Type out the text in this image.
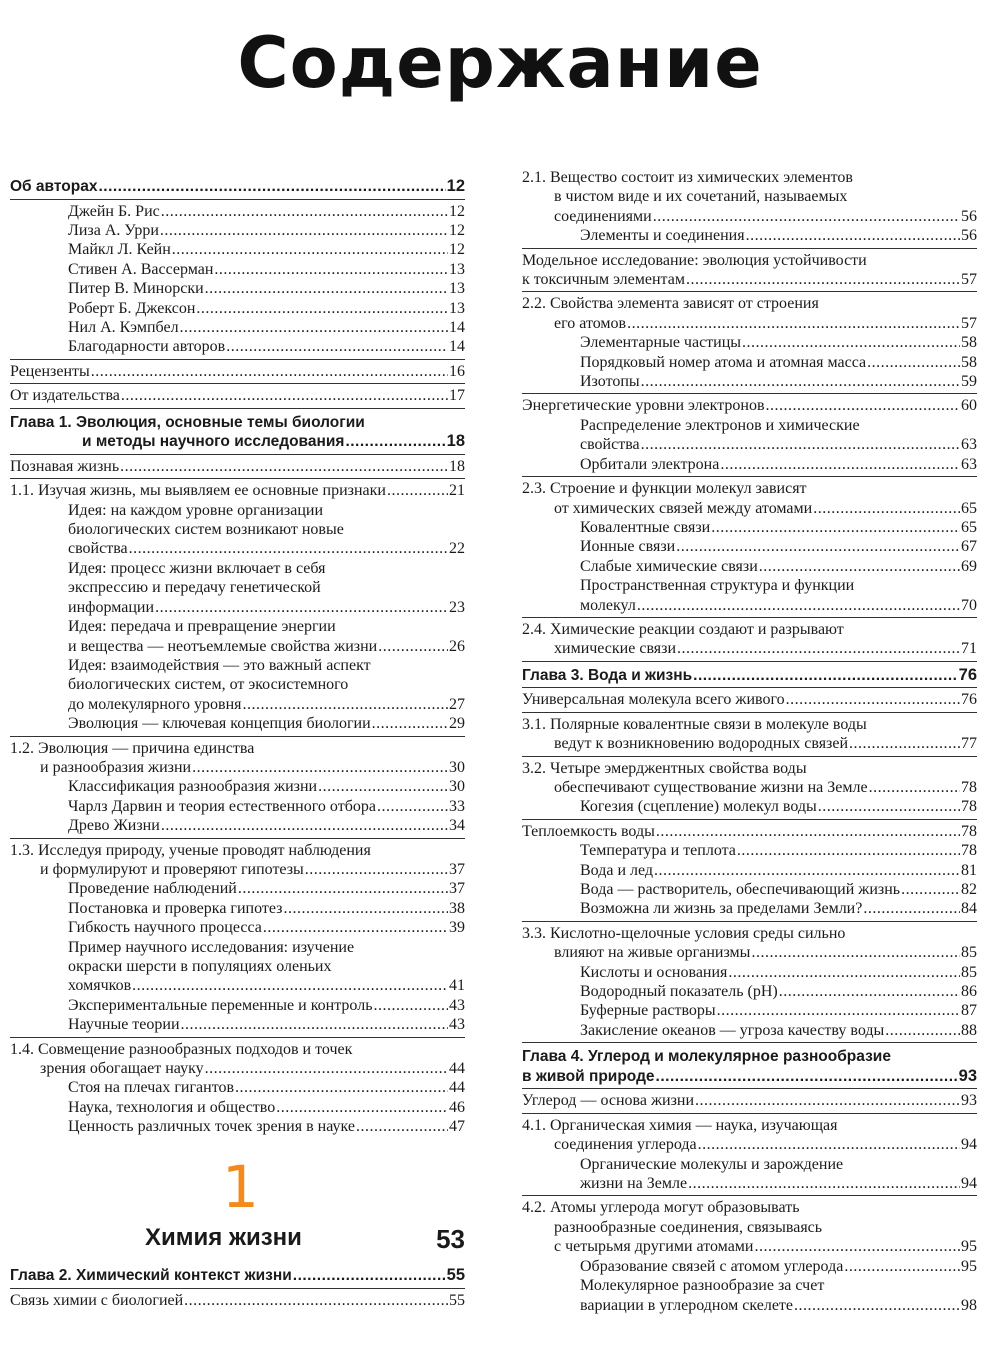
Содержание
Об авторах .....	12
Джейн Б. Рис .....	12
Лиза А. Урри .....	12
Майкл Л. Кейн .....	12
Стивен А. Вассерман .....	13
Питер В. Минорски .....	13
Роберт Б. Джексон .....	13
Нил А. Кэмпбел .....	14
Благодарности авторов .....	14
Рецензенты .....	16
От издательства .....	17
Глава 1. Эволюция, основные темы биологии
и методы научного исследования .....	18
Познавая жизнь .....	18
1.1. Изучая жизнь, мы выявляем ее основные признаки .....	21
Идея: на каждом уровне организации
биологических систем возникают новые
свойства .....	22
Идея: процесс жизни включает в себя
экспрессию и передачу генетической
информации .....	23
Идея: передача и превращение энергии
и вещества — неотъемлемые свойства жизни .....	26
Идея: взаимодействия — это важный аспект
биологических систем, от экосистемного
до молекулярного уровня .....	27
Эволюция — ключевая концепция биологии .....	29
1.2. Эволюция — причина единства
и разнообразия жизни .....	30
Классификация разнообразия жизни .....	30
Чарлз Дарвин и теория естественного отбора .....	33
Древо Жизни .....	34
1.3. Исследуя природу, ученые проводят наблюдения
и формулируют и проверяют гипотезы .....	37
Проведение наблюдений .....	37
Постановка и проверка гипотез .....	38
Гибкость научного процесса .....	39
Пример научного исследования: изучение
окраски шерсти в популяциях оленьих
хомячков .....	41
Экспериментальные переменные и контроль .....	43
Научные теории .....	43
1.4. Совмещение разнообразных подходов и точек
зрения обогащает науку .....	44
Стоя на плечах гигантов .....	44
Наука, технология и общество .....	46
Ценность различных точек зрения в науке .....	47
1
Химия жизни	53
Глава 2. Химический контекст жизни .....	55
Связь химии с биологией .....	55
2.1. Вещество состоит из химических элементов
в чистом виде и их сочетаний, называемых
соединениями .....	56
Элементы и соединения .....	56
Модельное исследование: эволюция устойчивости
к токсичным элементам .....	57
2.2. Свойства элемента зависят от строения
его атомов .....	57
Элементарные частицы .....	58
Порядковый номер атома и атомная масса .....	58
Изотопы .....	59
Энергетические уровни электронов .....	60
Распределение электронов и химические
свойства .....	63
Орбитали электрона .....	63
2.3. Строение и функции молекул зависят
от химических связей между атомами .....	65
Ковалентные связи .....	65
Ионные связи .....	67
Слабые химические связи .....	69
Пространственная структура и функции
молекул .....	70
2.4. Химические реакции создают и разрывают
химические связи .....	71
Глава 3. Вода и жизнь .....	76
Универсальная молекула всего живого .....	76
3.1. Полярные ковалентные связи в молекуле воды
ведут к возникновению водородных связей .....	77
3.2. Четыре эмерджентных свойства воды
обеспечивают существование жизни на Земле .....	78
Когезия (сцепление) молекул воды .....	78
Теплоемкость воды .....	78
Температура и теплота .....	78
Вода и лед .....	81
Вода — растворитель, обеспечивающий жизнь .....	82
Возможна ли жизнь за пределами Земли? .....	84
3.3. Кислотно-щелочные условия среды сильно
влияют на живые организмы .....	85
Кислоты и основания .....	85
Водородный показатель (pH) .....	86
Буферные растворы .....	87
Закисление океанов — угроза качеству воды .....	88
Глава 4. Углерод и молекулярное разнообразие
в живой природе .....	93
Углерод — основа жизни .....	93
4.1. Органическая химия — наука, изучающая
соединения углерода .....	94
Органические молекулы и зарождение
жизни на Земле .....	94
4.2. Атомы углерода могут образовывать
разнообразные соединения, связываясь
с четырьмя другими атомами .....	95
Образование связей с атомом углерода .....	95
Молекулярное разнообразие за счет
вариации в углеродном скелете .....	98
